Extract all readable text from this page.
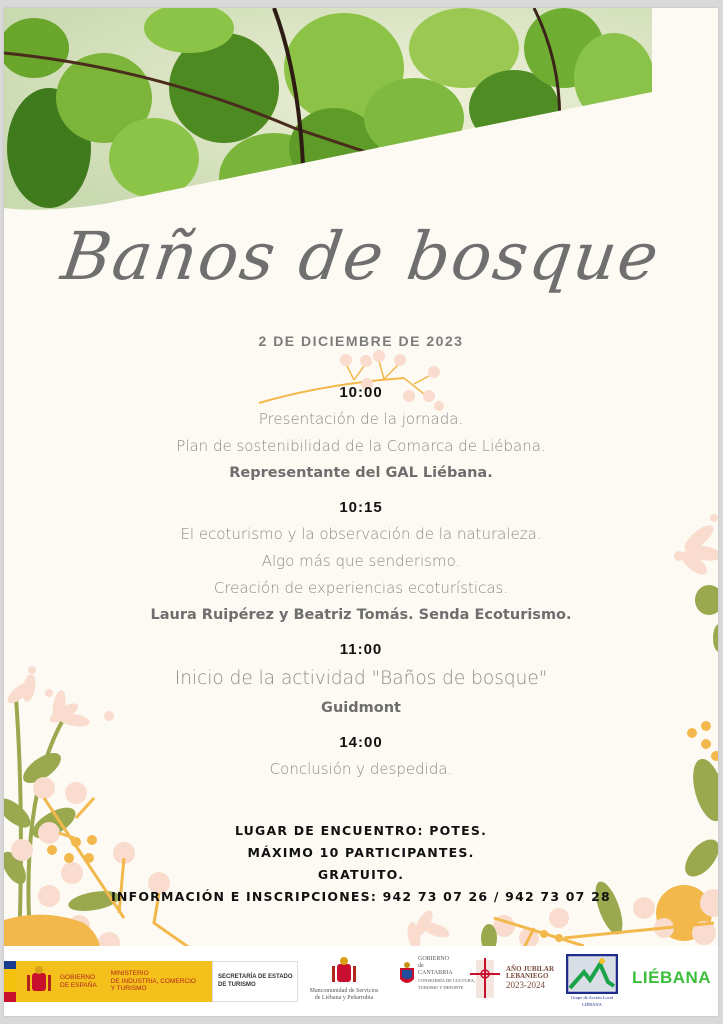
Baños de bosque
2 DE DICIEMBRE DE 2023

10:00

Presentación de la jornada.

Plan de sostenibilidad de la Comarca de Liébana.

Representante del GAL Liébana.

10:15

El ecoturismo y la observación de la naturaleza.

Algo más que senderismo.

Creación de experiencias ecoturísticas.

Laura Ruipérez y Beatriz Tomás. Senda Ecoturismo.

11:00

Inicio de la actividad "Baños de bosque"

Guidmont

14:00

Conclusión y despedida.

LUGAR DE ENCUENTRO: POTES.

MÁXIMO 10 PARTICIPANTES.

GRATUITO.

INFORMACIÓN E INSCRIPCIONES: 942 73 07 26 / 942 73 07 28

GOBIERNO
DE ESPAÑA
MINISTERIO
DE INDUSTRIA, COMERCIO
Y TURISMO
SECRETARÍA DE ESTADO
DE TURISMO
Mancomunidad de Servicios
de Liébana y Peñarrubia
GOBIERNO
de
CANTABRIA
CONSEJERÍA DE CULTURA,
TURISMO Y DEPORTE
AÑO JUBILAR
LEBANIEGO
2023-2024
Grupo de Acción Local
LIÉBANA
LIÉBANA
